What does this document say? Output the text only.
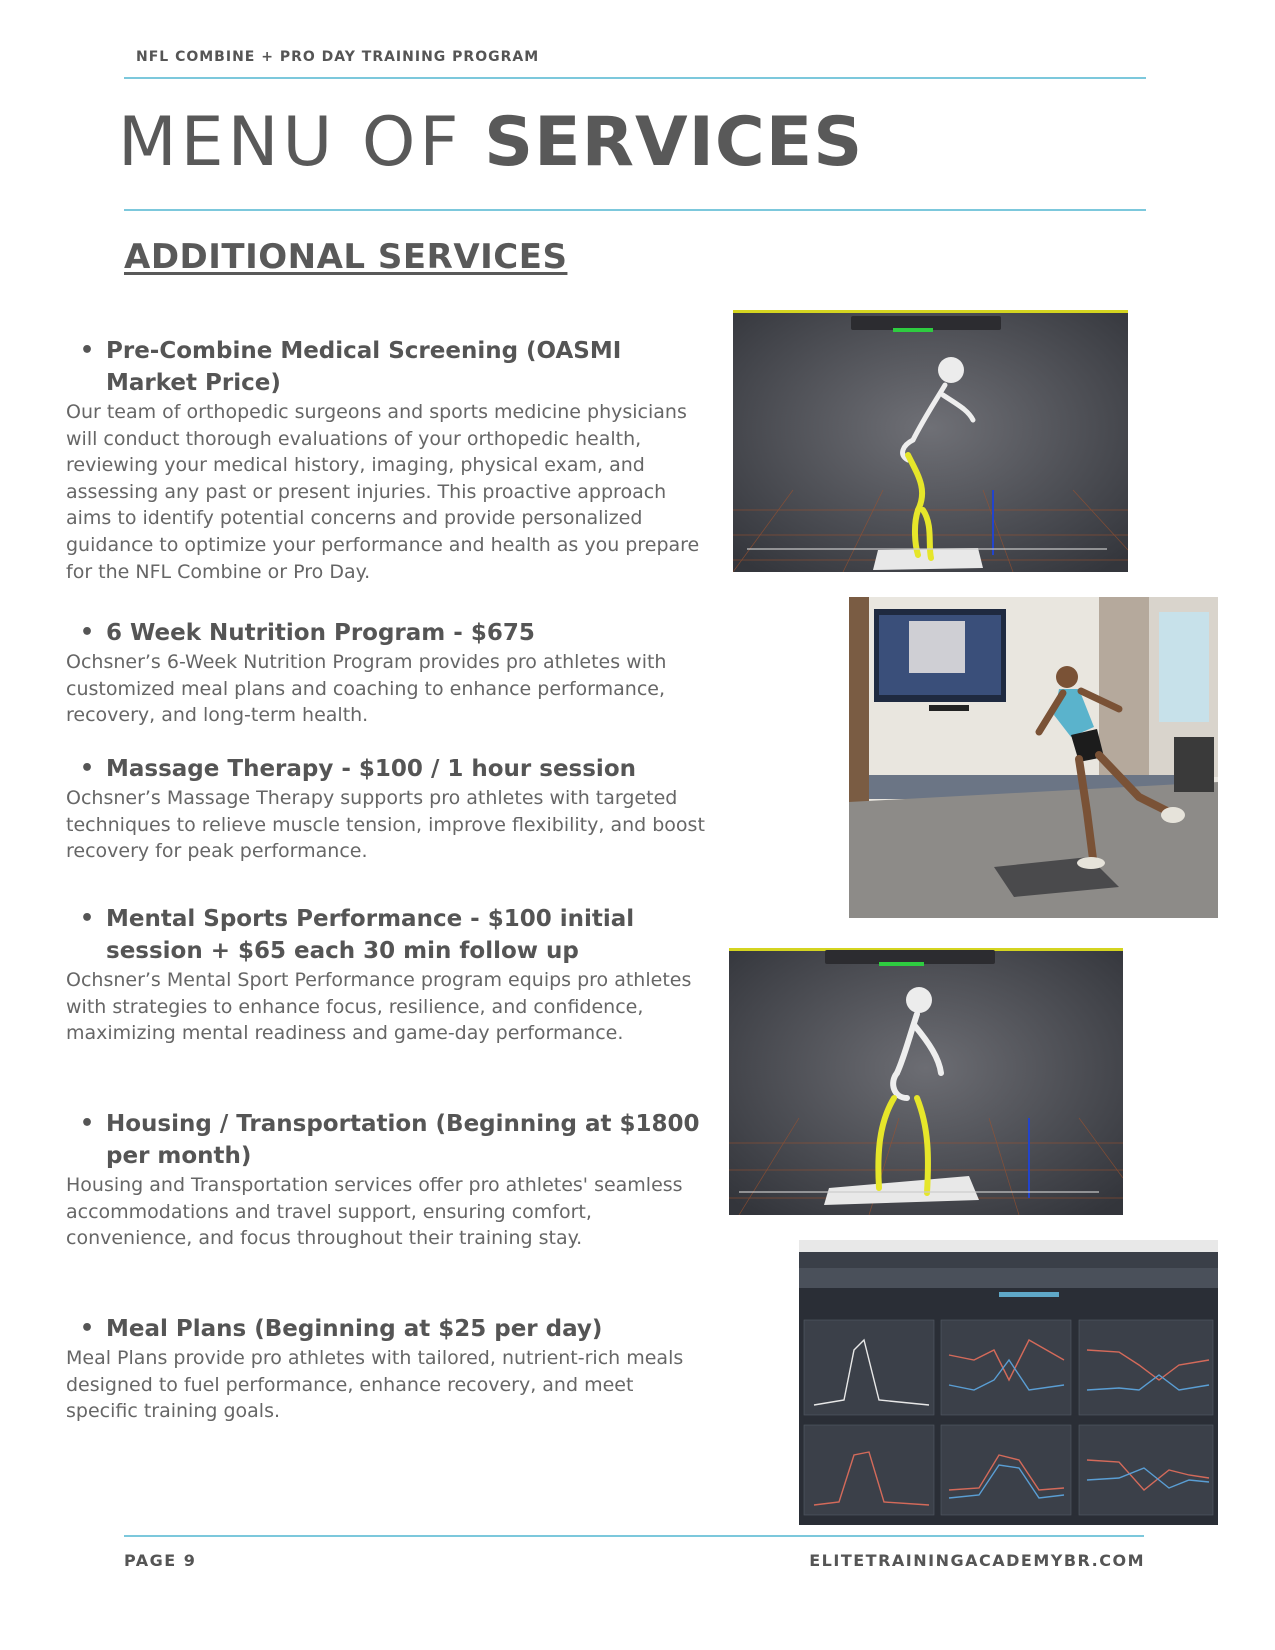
NFL COMBINE + PRO DAY TRAINING PROGRAM
MENU OF SERVICES
ADDITIONAL SERVICES
• Pre-Combine Medical Screening (OASMI
Market Price)
Our team of orthopedic surgeons and sports medicine physicians will conduct thorough evaluations of your orthopedic health, reviewing your medical history, imaging, physical exam, and assessing any past or present injuries. This proactive approach aims to identify potential concerns and provide personalized guidance to optimize your performance and health as you prepare for the NFL Combine or Pro Day.
• 6 Week Nutrition Program - $675
Ochsner’s 6-Week Nutrition Program provides pro athletes with customized meal plans and coaching to enhance performance, recovery, and long-term health.
• Massage Therapy - $100 / 1 hour session
Ochsner’s Massage Therapy supports pro athletes with targeted techniques to relieve muscle tension, improve flexibility, and boost recovery for peak performance.
• Mental Sports Performance - $100 initial
session + $65 each 30 min follow up
Ochsner’s Mental Sport Performance program equips pro athletes with strategies to enhance focus, resilience, and confidence, maximizing mental readiness and game-day performance.
• Housing / Transportation (Beginning at $1800
per month)
Housing and Transportation services offer pro athletes' seamless accommodations and travel support, ensuring comfort, convenience, and focus throughout their training stay.
• Meal Plans (Beginning at $25 per day)
Meal Plans provide pro athletes with tailored, nutrient-rich meals designed to fuel performance, enhance recovery, and meet specific training goals.
PAGE 9	ELITETRAININGACADEMYBR.COM
